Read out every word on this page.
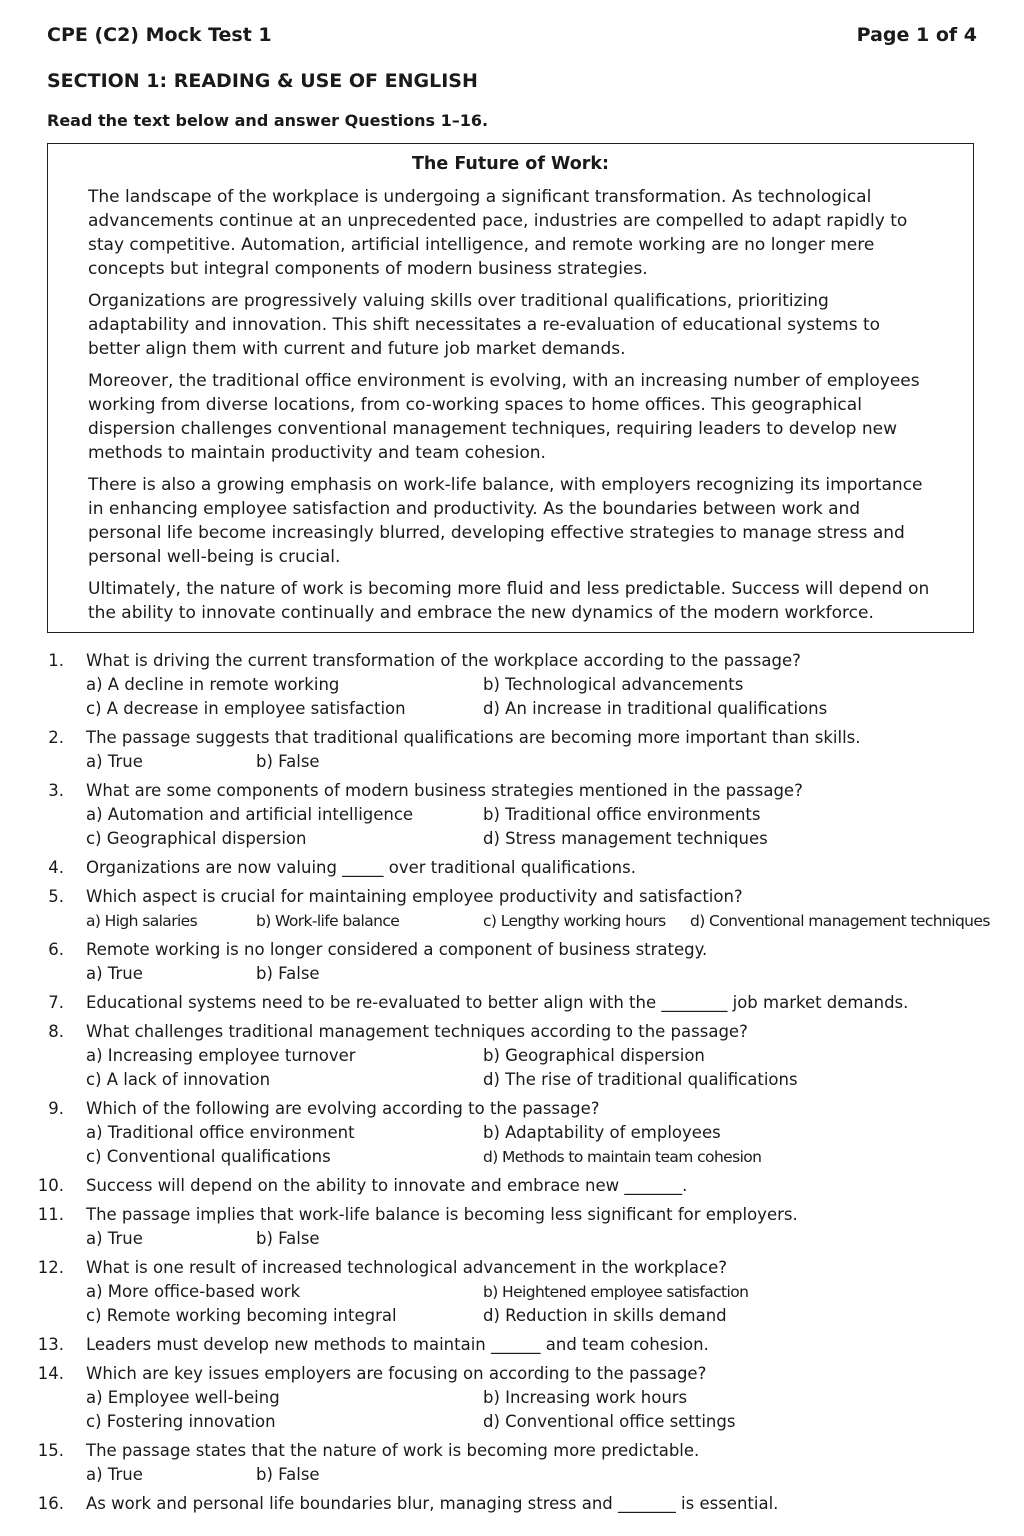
CPE (C2) Mock Test 1	Page 1 of 4
SECTION 1: READING & USE OF ENGLISH
Read the text below and answer Questions 1–16.
The Future of Work:

The landscape of the workplace is undergoing a significant transformation. As technological advancements continue at an unprecedented pace, industries are compelled to adapt rapidly to stay competitive. Automation, artificial intelligence, and remote working are no longer mere concepts but integral components of modern business strategies.

Organizations are progressively valuing skills over traditional qualifications, prioritizing adaptability and innovation. This shift necessitates a re-evaluation of educational systems to better align them with current and future job market demands.

Moreover, the traditional office environment is evolving, with an increasing number of employees working from diverse locations, from co-working spaces to home offices. This geographical dispersion challenges conventional management techniques, requiring leaders to develop new methods to maintain productivity and team cohesion.

There is also a growing emphasis on work-life balance, with employers recognizing its importance in enhancing employee satisfaction and productivity. As the boundaries between work and personal life become increasingly blurred, developing effective strategies to manage stress and personal well-being is crucial.

Ultimately, the nature of work is becoming more fluid and less predictable. Success will depend on the ability to innovate continually and embrace the new dynamics of the modern workforce.

1. What is driving the current transformation of the workplace according to the passage?
a) A decline in remote working	b) Technological advancements
c) A decrease in employee satisfaction	d) An increase in traditional qualifications
2. The passage suggests that traditional qualifications are becoming more important than skills.
a) True	b) False
3. What are some components of modern business strategies mentioned in the passage?
a) Automation and artificial intelligence	b) Traditional office environments
c) Geographical dispersion	d) Stress management techniques
4. Organizations are now valuing _____ over traditional qualifications.
5. Which aspect is crucial for maintaining employee productivity and satisfaction?
a) High salaries	b) Work-life balance	c) Lengthy working hours d) Conventional management techniques
6. Remote working is no longer considered a component of business strategy.
a) True	b) False
7. Educational systems need to be re-evaluated to better align with the ________ job market demands.
8. What challenges traditional management techniques according to the passage?
a) Increasing employee turnover	b) Geographical dispersion
c) A lack of innovation	d) The rise of traditional qualifications
9. Which of the following are evolving according to the passage?
a) Traditional office environment	b) Adaptability of employees
c) Conventional qualifications	d) Methods to maintain team cohesion
10. Success will depend on the ability to innovate and embrace new _______.
11. The passage implies that work-life balance is becoming less significant for employers.
a) True	b) False
12. What is one result of increased technological advancement in the workplace?
a) More office-based work	b) Heightened employee satisfaction
c) Remote working becoming integral	d) Reduction in skills demand
13. Leaders must develop new methods to maintain ______ and team cohesion.
14. Which are key issues employers are focusing on according to the passage?
a) Employee well-being	b) Increasing work hours
c) Fostering innovation	d) Conventional office settings
15. The passage states that the nature of work is becoming more predictable.
a) True	b) False
16. As work and personal life boundaries blur, managing stress and _______ is essential.
